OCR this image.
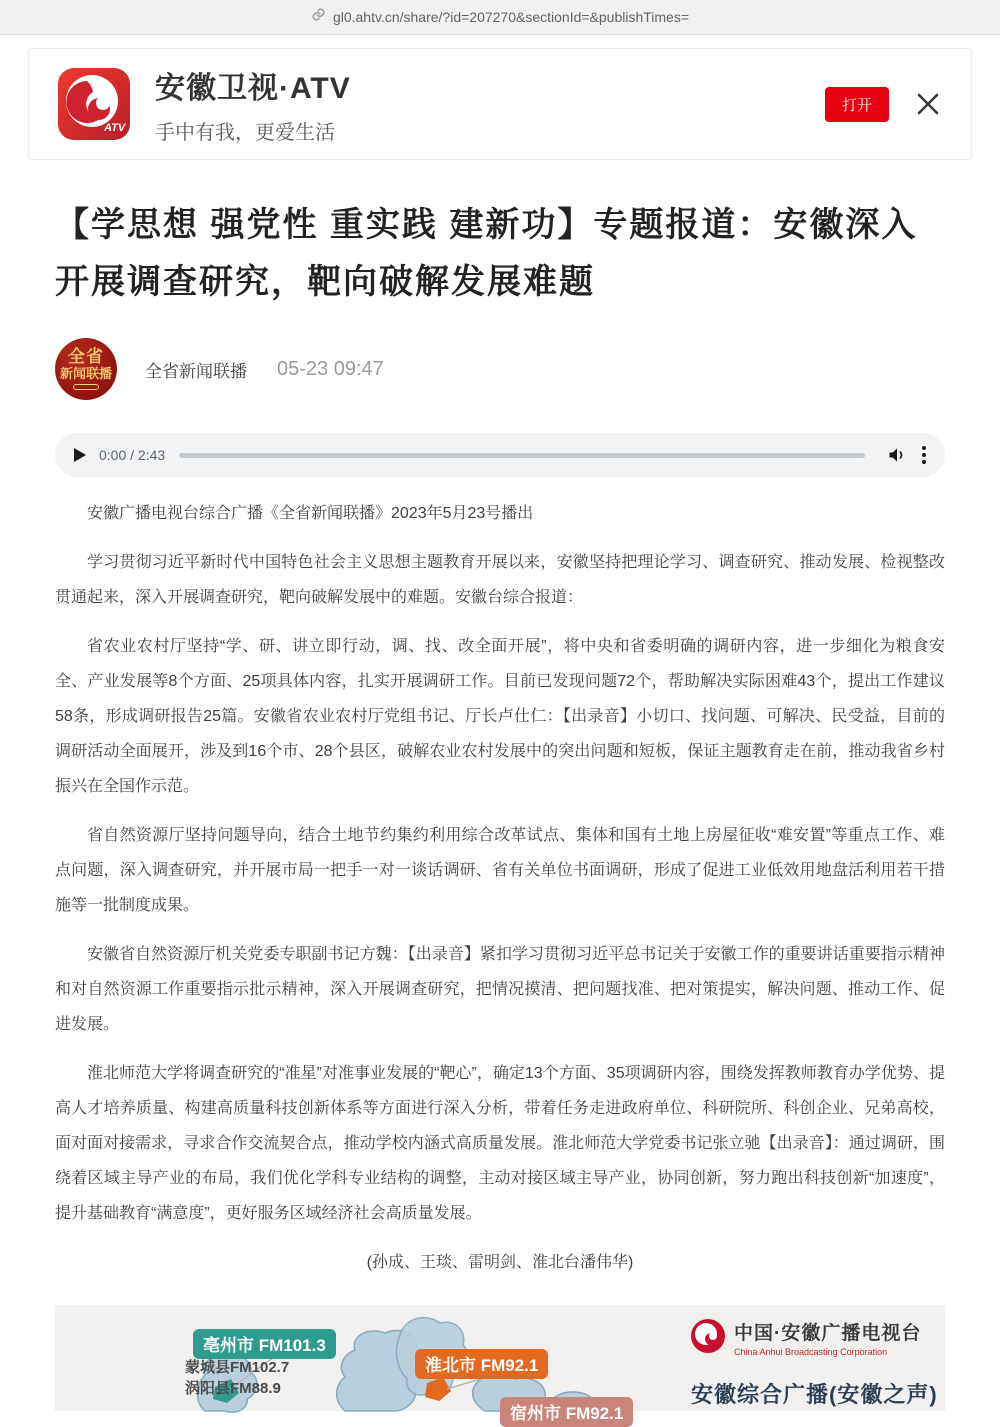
gl0.ahtv.cn/share/?id=207270&sectionId=&publishTimes=
ATV
安徽卫视·ATV
手中有我，更爱生活
打开
【学思想 强党性 重实践 建新功】专题报道：安徽深入开展调查研究，靶向破解发展难题
全省
新闻联播 全省新闻联播 05-23 09:47
0:00 / 2:43

安徽广播电视台综合广播《全省新闻联播》2023年5月23号播出

学习贯彻习近平新时代中国特色社会主义思想主题教育开展以来，安徽坚持把理论学习、调查研究、推动发展、检视整改贯通起来，深入开展调查研究，靶向破解发展中的难题。安徽台综合报道：

省农业农村厅坚持“学、研、讲立即行动，调、找、改全面开展”，将中央和省委明确的调研内容，进一步细化为粮食安全、产业发展等8个方面、25项具体内容，扎实开展调研工作。目前已发现问题72个，帮助解决实际困难43个，提出工作建议58条，形成调研报告25篇。安徽省农业农村厅党组书记、厅长卢仕仁：【出录音】小切口、找问题、可解决、民受益，目前的调研活动全面展开，涉及到16个市、28个县区，破解农业农村发展中的突出问题和短板，保证主题教育走在前，推动我省乡村振兴在全国作示范。

省自然资源厅坚持问题导向，结合土地节约集约利用综合改革试点、集体和国有土地上房屋征收“难安置”等重点工作、难点问题，深入调查研究，并开展市局一把手一对一谈话调研、省有关单位书面调研，形成了促进工业低效用地盘活利用若干措施等一批制度成果。

安徽省自然资源厅机关党委专职副书记方魏：【出录音】紧扣学习贯彻习近平总书记关于安徽工作的重要讲话重要指示精神和对自然资源工作重要指示批示精神，深入开展调查研究，把情况摸清、把问题找准、把对策提实，解决问题、推动工作、促进发展。

淮北师范大学将调查研究的“准星”对准事业发展的“靶心”，确定13个方面、35项调研内容，围绕发挥教师教育办学优势、提高人才培养质量、构建高质量科技创新体系等方面进行深入分析，带着任务走进政府单位、科研院所、科创企业、兄弟高校，面对面对接需求，寻求合作交流契合点，推动学校内涵式高质量发展。淮北师范大学党委书记张立驰【出录音】：通过调研，围绕着区域主导产业的布局，我们优化学科专业结构的调整，主动对接区域主导产业，协同创新，努力跑出科技创新“加速度”，提升基础教育“满意度”，更好服务区域经济社会高质量发展。

(孙成、王琰、雷明剑、淮北台潘伟华)

亳州市 FM101.3
蒙城县FM102.7
涡阳县FM88.9
淮北市 FM92.1
宿州市 FM92.1
中国·安徽广播电视台
China Anhui Broadcasting Corporation
安徽综合广播(安徽之声)
